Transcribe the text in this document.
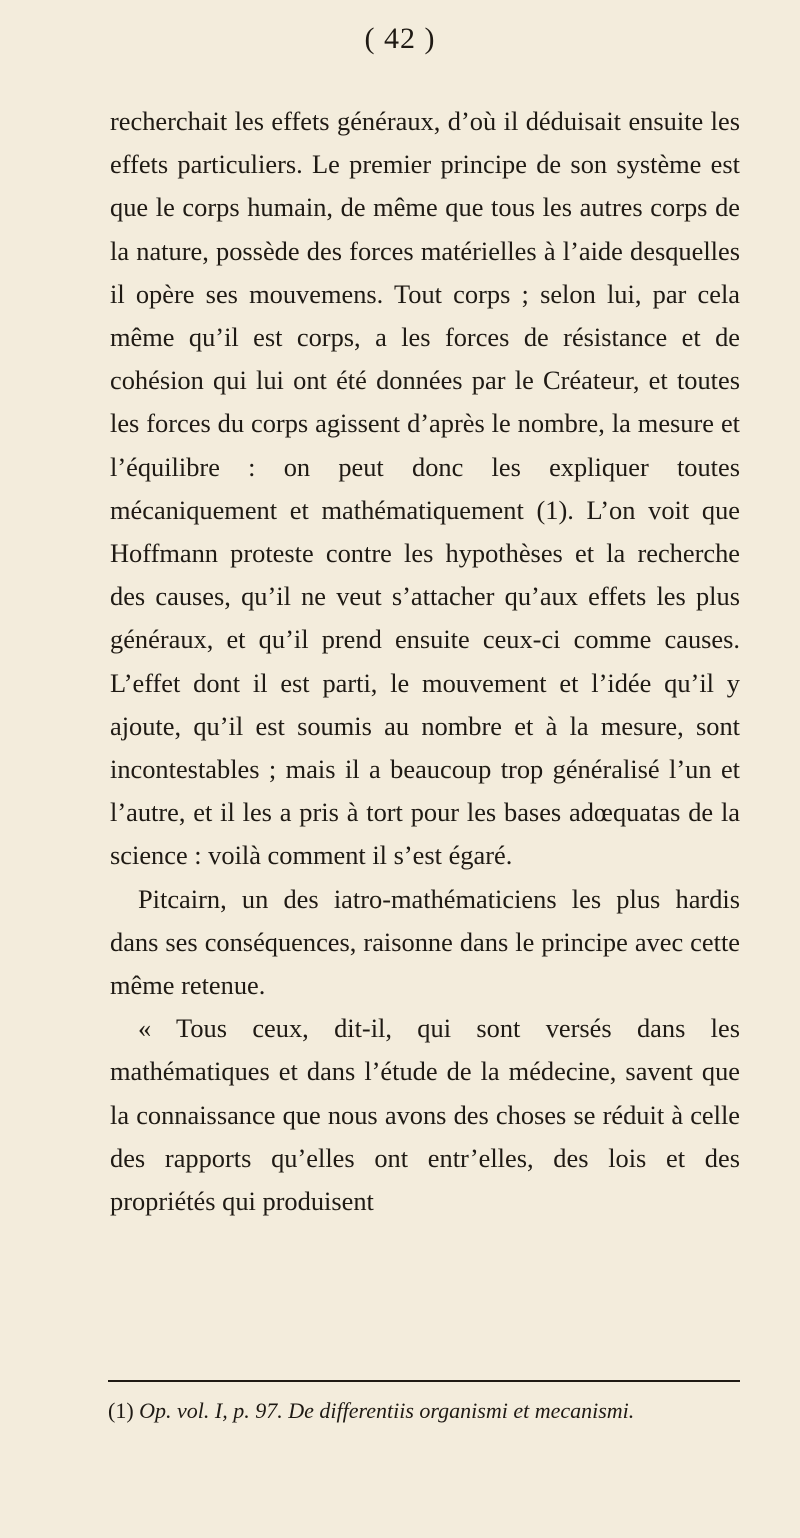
( 42 )

recherchait les effets généraux, d’où il déduisait ensuite les effets particuliers. Le premier principe de son système est que le corps humain, de même que tous les autres corps de la nature, possède des forces matérielles à l’aide desquelles il opère ses mouvemens. Tout corps ; selon lui, par cela même qu’il est corps, a les forces de résistance et de cohésion qui lui ont été données par le Créateur, et toutes les forces du corps agissent d’après le nombre, la mesure et l’équilibre : on peut donc les expliquer toutes mécaniquement et mathématiquement (1). L’on voit que Hoffmann proteste contre les hypothèses et la recherche des causes, qu’il ne veut s’attacher qu’aux effets les plus généraux, et qu’il prend ensuite ceux-ci comme causes. L’effet dont il est parti, le mouvement et l’idée qu’il y ajoute, qu’il est soumis au nombre et à la mesure, sont incontestables ; mais il a beaucoup trop généralisé l’un et l’autre, et il les a pris à tort pour les bases adœquatas de la science : voilà comment il s’est égaré.

Pitcairn, un des iatro-mathématiciens les plus hardis dans ses conséquences, raisonne dans le principe avec cette même retenue.

« Tous ceux, dit-il, qui sont versés dans les mathématiques et dans l’étude de la médecine, savent que la connaissance que nous avons des choses se réduit à celle des rapports qu’elles ont entr’elles, des lois et des propriétés qui produisent

(1) Op. vol. I, p. 97. De differentiis organismi et mecanismi.
